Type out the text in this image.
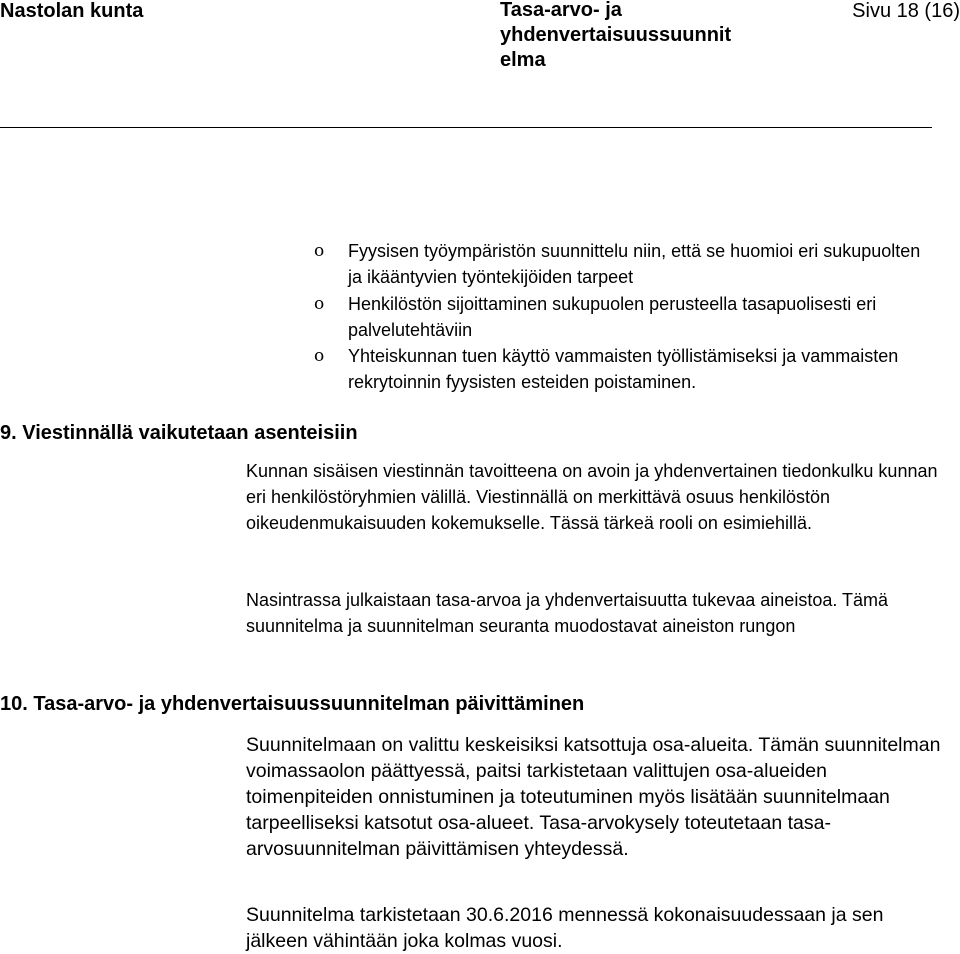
Nastolan kunta	Tasa-arvo- ja
yhdenvertaisuussuunnit
elma
Sivu 18 (16)
o Fyysisen työympäristön suunnittelu niin, että se huomioi eri sukupuolten ja ikääntyvien työntekijöiden tarpeet
o Henkilöstön sijoittaminen sukupuolen perusteella tasapuolisesti eri palvelutehtäviin
o Yhteiskunnan tuen käyttö vammaisten työllistämiseksi ja vammaisten rekrytoinnin fyysisten esteiden poistaminen.
9. Viestinnällä vaikutetaan asenteisiin

Kunnan sisäisen viestinnän tavoitteena on avoin ja yhdenvertainen tiedonkulku kunnan eri henkilöstöryhmien välillä. Viestinnällä on merkittävä osuus henkilöstön oikeudenmukaisuuden kokemukselle. Tässä tärkeä rooli on esimiehillä.

Nasintrassa julkaistaan tasa-arvoa ja yhdenvertaisuutta tukevaa aineistoa. Tämä suunnitelma ja suunnitelman seuranta muodostavat aineiston rungon

10. Tasa-arvo- ja yhdenvertaisuussuunnitelman päivittäminen

Suunnitelmaan on valittu keskeisiksi katsottuja osa-alueita. Tämän suunnitelman voimassaolon päättyessä, paitsi tarkistetaan valittujen osa-alueiden toimenpiteiden onnistuminen ja toteutuminen myös lisätään suunnitelmaan tarpeelliseksi katsotut osa-alueet. Tasa-arvokysely toteutetaan tasa-arvosuunnitelman päivittämisen yhteydessä.

Suunnitelma tarkistetaan 30.6.2016 mennessä kokonaisuudessaan ja sen jälkeen vähintään joka kolmas vuosi.
